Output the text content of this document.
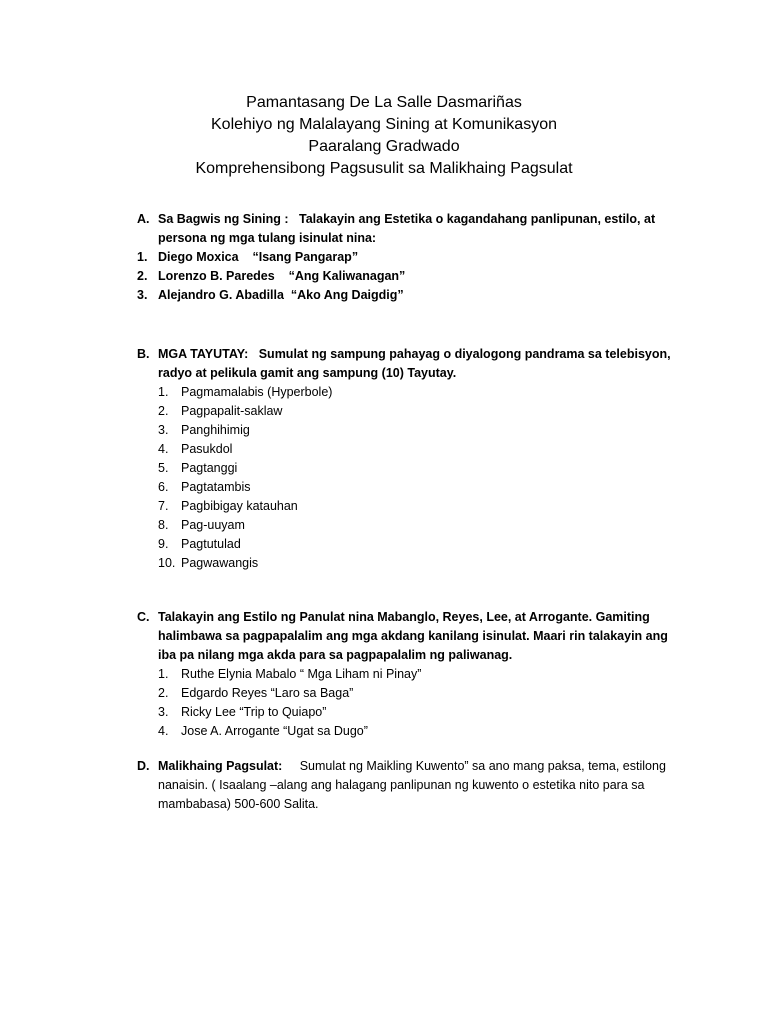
Pamantasang De La Salle Dasmariñas
Kolehiyo ng Malalayang Sining at Komunikasyon
Paaralang Gradwado
Komprehensibong Pagsusulit sa Malikhaing Pagsulat
A. Sa Bagwis ng Sining : Talakayin ang Estetika o kagandahang panlipunan, estilo, at persona ng mga tulang isinulat nina:
1. Diego Moxica “Isang Pangarap”
2. Lorenzo B. Paredes “Ang Kaliwanagan”
3. Alejandro G. Abadilla “Ako Ang Daigdig”
B. MGA TAYUTAY: Sumulat ng sampung pahayag o diyalogong pandrama sa telebisyon, radyo at pelikula gamit ang sampung (10) Tayutay.
1. Pagmamalabis (Hyperbole)
2. Pagpapalit-saklaw
3. Panghihimig
4. Pasukdol
5. Pagtanggi
6. Pagtatambis
7. Pagbibigay katauhan
8. Pag-uuyam
9. Pagtutulad
10. Pagwawangis
C. Talakayin ang Estilo ng Panulat nina Mabanglo, Reyes, Lee, at Arrogante. Gamiting halimbawa sa pagpapalalim ang mga akdang kanilang isinulat. Maari rin talakayin ang iba pa nilang mga akda para sa pagpapalalim ng paliwanag.
1. Ruthe Elynia Mabalo “ Mga Liham ni Pinay”
2. Edgardo Reyes “Laro sa Baga”
3. Ricky Lee “Trip to Quiapo”
4. Jose A. Arrogante “Ugat sa Dugo”
D. Malikhaing Pagsulat: Sumulat ng Maikling Kuwento” sa ano mang paksa, tema, estilong nanaisin. ( Isaalang –alang ang halagang panlipunan ng kuwento o estetika nito para sa mambabasa) 500-600 Salita.
